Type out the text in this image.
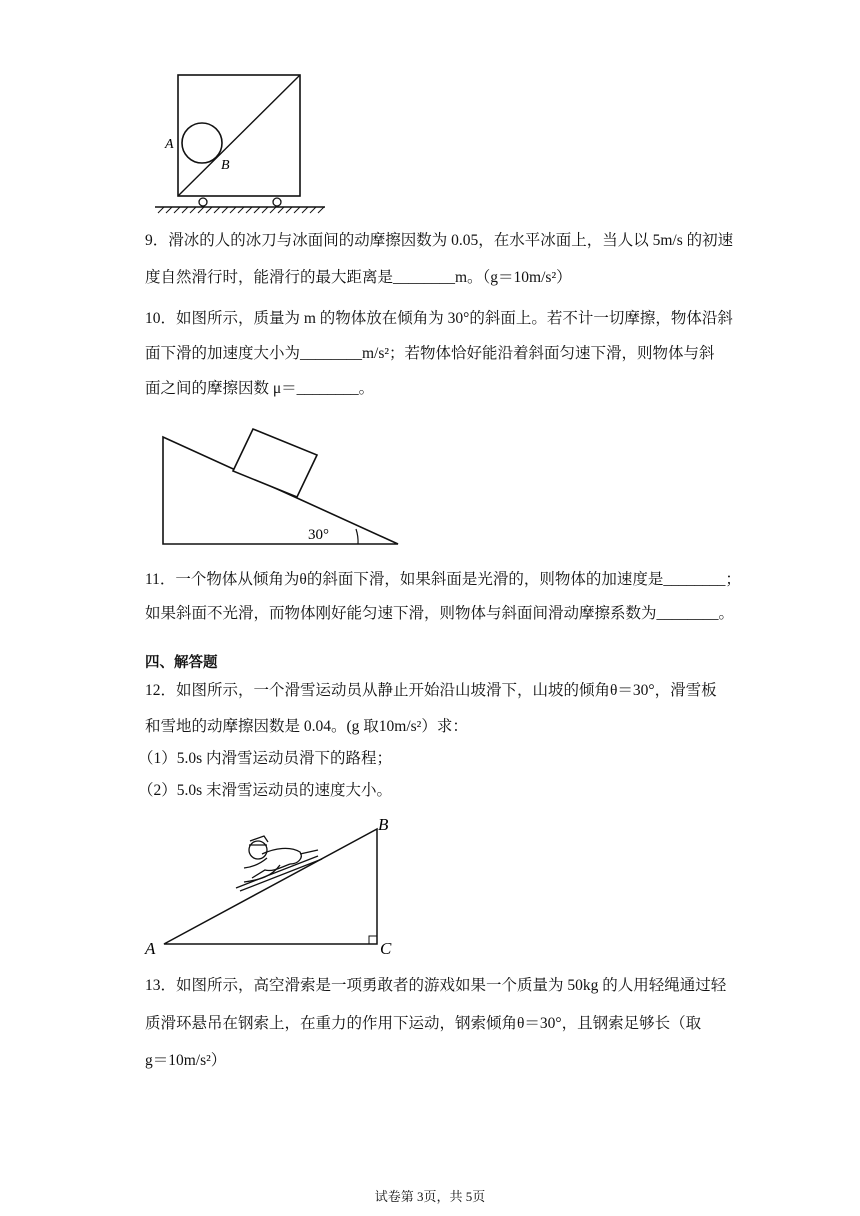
A
B
9．滑冰的人的冰刀与冰面间的动摩擦因数为 0.05，在水平冰面上，当人以 5m/s 的初速
度自然滑行时，能滑行的最大距离是________m。（g＝10m/s²）
10．如图所示，质量为 m 的物体放在倾角为 30°的斜面上。若不计一切摩擦，物体沿斜
面下滑的加速度大小为________m/s²；若物体恰好能沿着斜面匀速下滑，则物体与斜
面之间的摩擦因数 μ＝________。
30°
11．一个物体从倾角为θ的斜面下滑，如果斜面是光滑的，则物体的加速度是________；
如果斜面不光滑，而物体刚好能匀速下滑，则物体与斜面间滑动摩擦系数为________。
四、解答题
12．如图所示，一个滑雪运动员从静止开始沿山坡滑下，山坡的倾角θ＝30°，滑雪板
和雪地的动摩擦因数是 0.04。(g 取10m/s²）求：
（1）5.0s 内滑雪运动员滑下的路程；
（2）5.0s 末滑雪运动员的速度大小。
A
B
C
13．如图所示，高空滑索是一项勇敢者的游戏如果一个质量为 50kg 的人用轻绳通过轻
质滑环悬吊在钢索上，在重力的作用下运动，钢索倾角θ＝30°，且钢索足够长（取
g＝10m/s²）
试卷第 3页，共 5页
